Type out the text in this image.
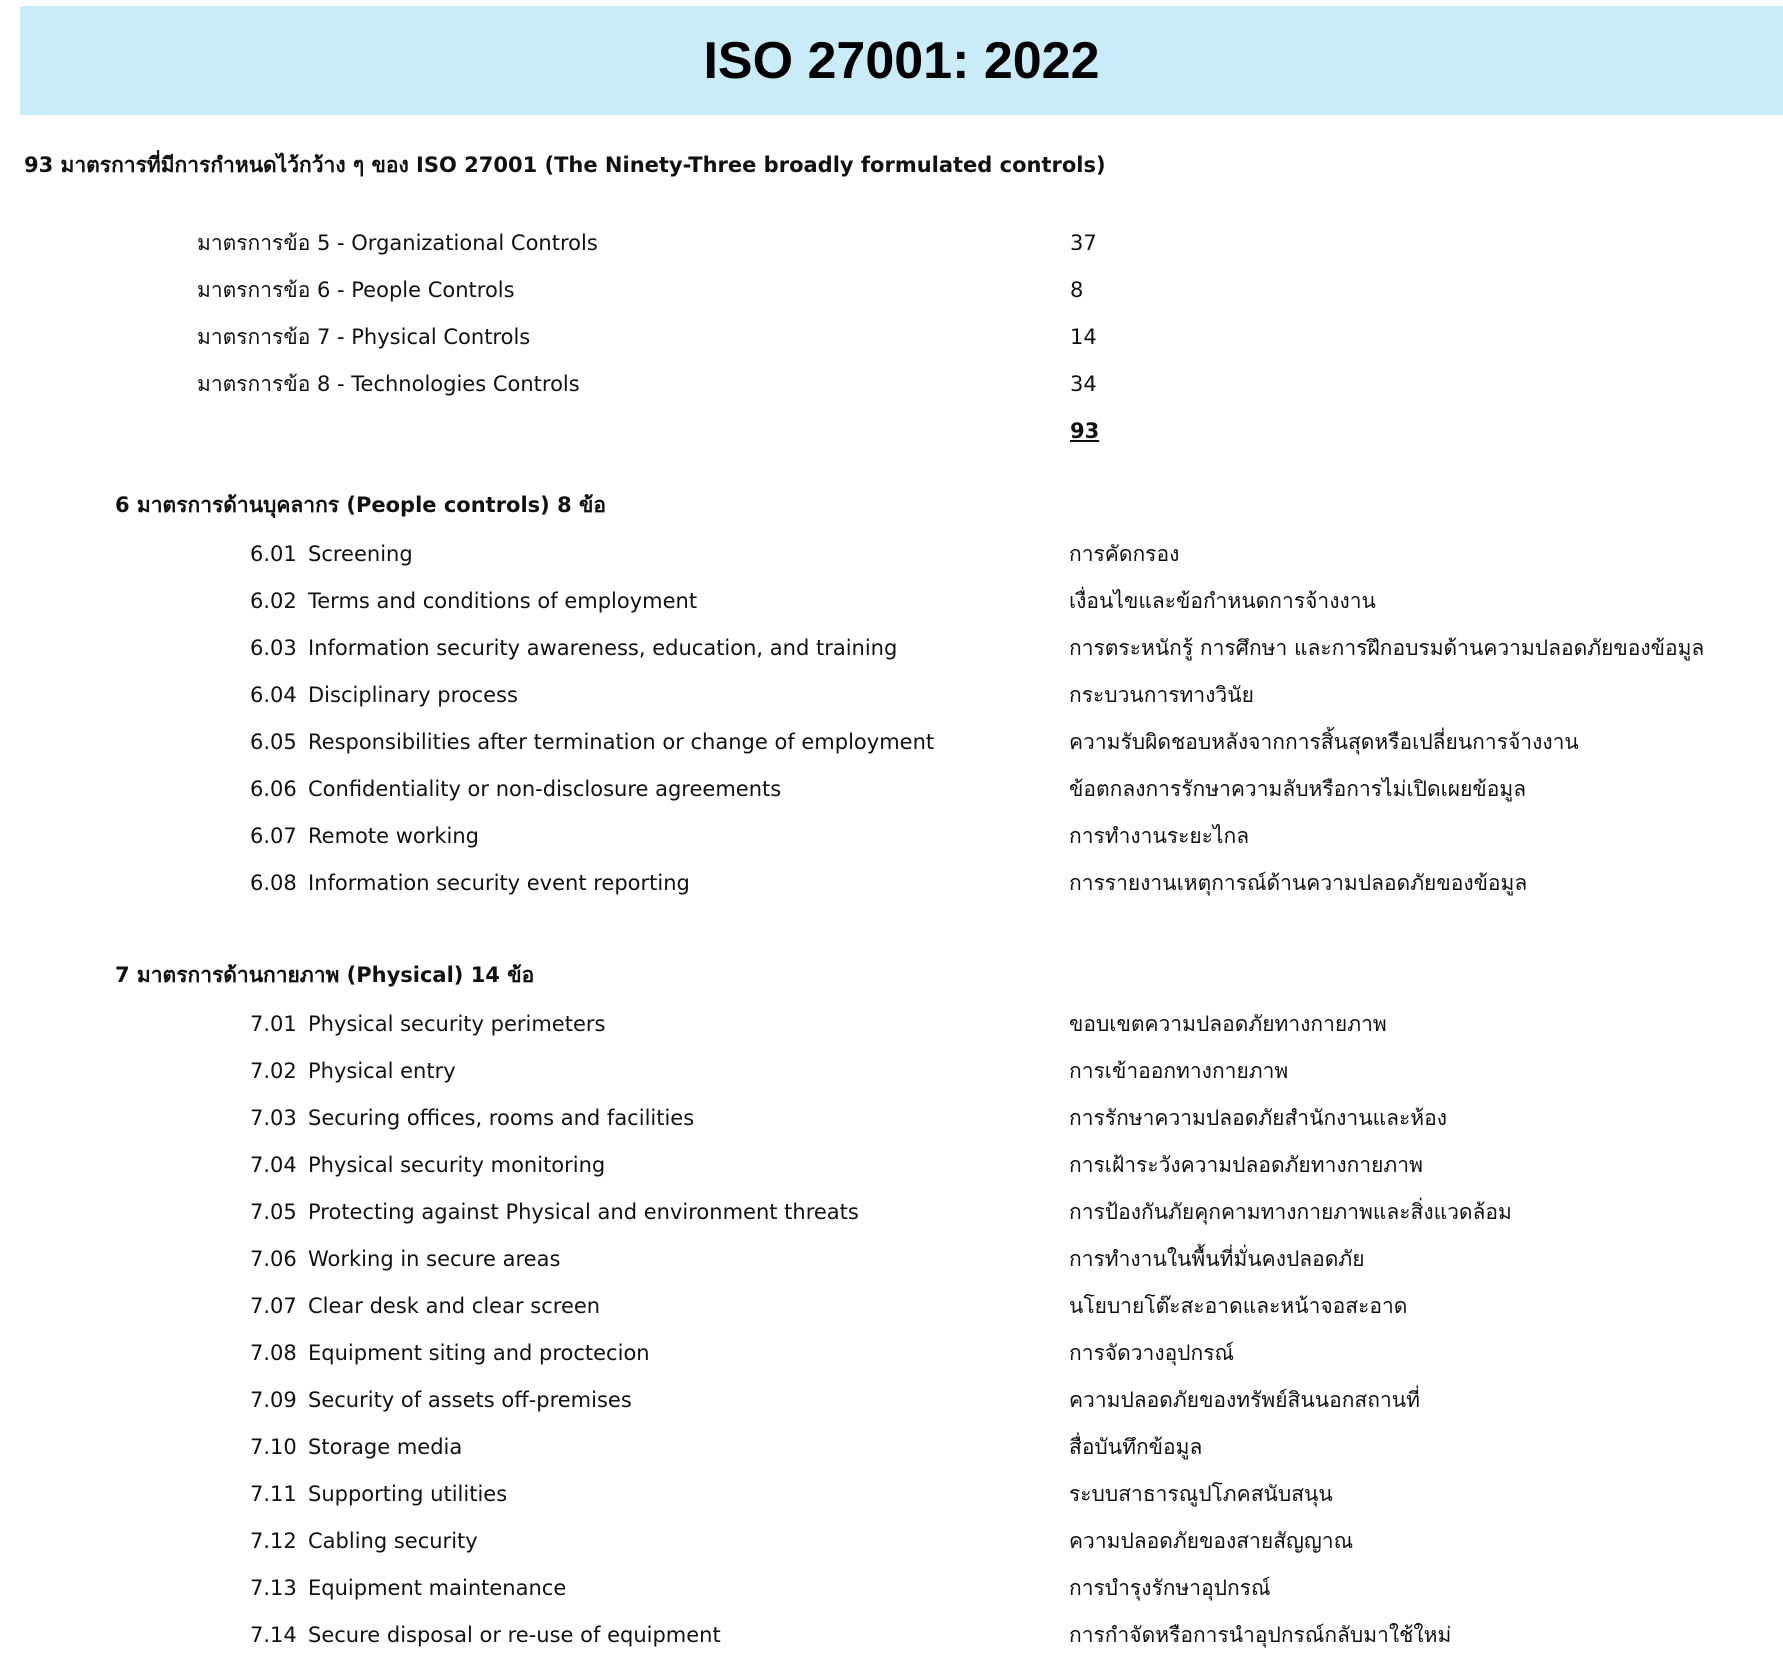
ISO 27001: 2022
93 มาตรการที่มีการกำหนดไว้กว้าง ๆ ของ ISO 27001 (The Ninety-Three broadly formulated controls)
มาตรการข้อ 5 - Organizational Controls	37
มาตรการข้อ 6 - People Controls	8
มาตรการข้อ 7 - Physical Controls	14
มาตรการข้อ 8 - Technologies Controls	34
93
6 มาตรการด้านบุคลากร (People controls) 8 ข้อ
6.01 Screening	การคัดกรอง
6.02 Terms and conditions of employment	เงื่อนไขและข้อกำหนดการจ้างงาน
6.03 Information security awareness, education, and training	การตระหนักรู้ การศึกษา และการฝึกอบรมด้านความปลอดภัยของข้อมูล
6.04 Disciplinary process	กระบวนการทางวินัย
6.05 Responsibilities after termination or change of employment	ความรับผิดชอบหลังจากการสิ้นสุดหรือเปลี่ยนการจ้างงาน
6.06 Confidentiality or non-disclosure agreements	ข้อตกลงการรักษาความลับหรือการไม่เปิดเผยข้อมูล
6.07 Remote working	การทำงานระยะไกล
6.08 Information security event reporting	การรายงานเหตุการณ์ด้านความปลอดภัยของข้อมูล
7 มาตรการด้านกายภาพ (Physical) 14 ข้อ
7.01 Physical security perimeters	ขอบเขตความปลอดภัยทางกายภาพ
7.02 Physical entry	การเข้าออกทางกายภาพ
7.03 Securing offices, rooms and facilities	การรักษาความปลอดภัยสำนักงานและห้อง
7.04 Physical security monitoring	การเฝ้าระวังความปลอดภัยทางกายภาพ
7.05 Protecting against Physical and environment threats	การป้องกันภัยคุกคามทางกายภาพและสิ่งแวดล้อม
7.06 Working in secure areas	การทำงานในพื้นที่มั่นคงปลอดภัย
7.07 Clear desk and clear screen	นโยบายโต๊ะสะอาดและหน้าจอสะอาด
7.08 Equipment siting and proctecion	การจัดวางอุปกรณ์
7.09 Security of assets off-premises	ความปลอดภัยของทรัพย์สินนอกสถานที่
7.10 Storage media	สื่อบันทึกข้อมูล
7.11 Supporting utilities	ระบบสาธารณูปโภคสนับสนุน
7.12 Cabling security	ความปลอดภัยของสายสัญญาณ
7.13 Equipment maintenance	การบำรุงรักษาอุปกรณ์
7.14 Secure disposal or re-use of equipment	การกำจัดหรือการนำอุปกรณ์กลับมาใช้ใหม่
